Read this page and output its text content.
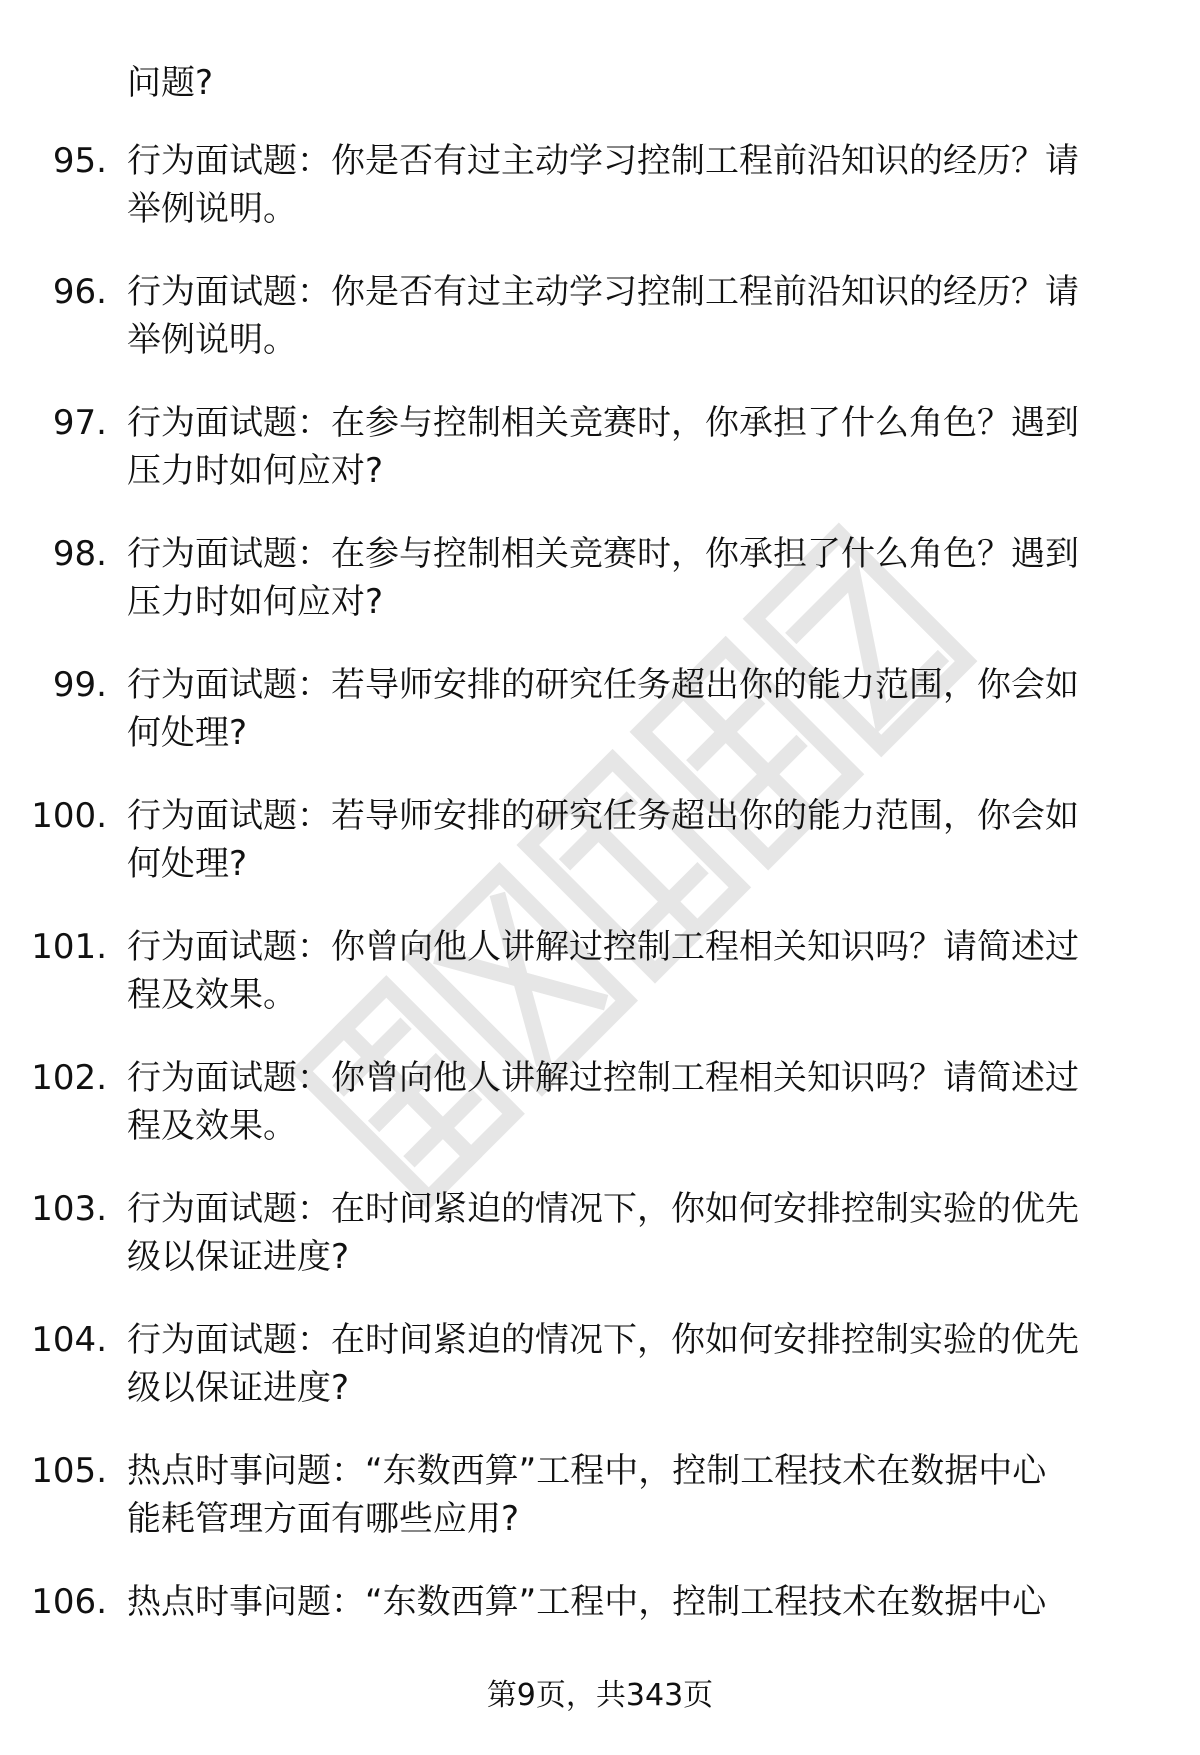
问题?
95. 行为面试题：你是否有过主动学习控制工程前沿知识的经历？请
举例说明。
96. 行为面试题：你是否有过主动学习控制工程前沿知识的经历？请
举例说明。
97. 行为面试题：在参与控制相关竞赛时，你承担了什么角色？遇到
压力时如何应对?
98. 行为面试题：在参与控制相关竞赛时，你承担了什么角色？遇到
压力时如何应对?
99. 行为面试题：若导师安排的研究任务超出你的能力范围，你会如
何处理?
100. 行为面试题：若导师安排的研究任务超出你的能力范围，你会如
何处理?
101. 行为面试题：你曾向他人讲解过控制工程相关知识吗？请简述过
程及效果。
102. 行为面试题：你曾向他人讲解过控制工程相关知识吗？请简述过
程及效果。
103. 行为面试题：在时间紧迫的情况下，你如何安排控制实验的优先
级以保证进度?
104. 行为面试题：在时间紧迫的情况下，你如何安排控制实验的优先
级以保证进度?
105. 热点时事问题：“东数西算”工程中，控制工程技术在数据中心
能耗管理方面有哪些应用?
106. 热点时事问题：“东数西算”工程中，控制工程技术在数据中心
第9页，共343页
